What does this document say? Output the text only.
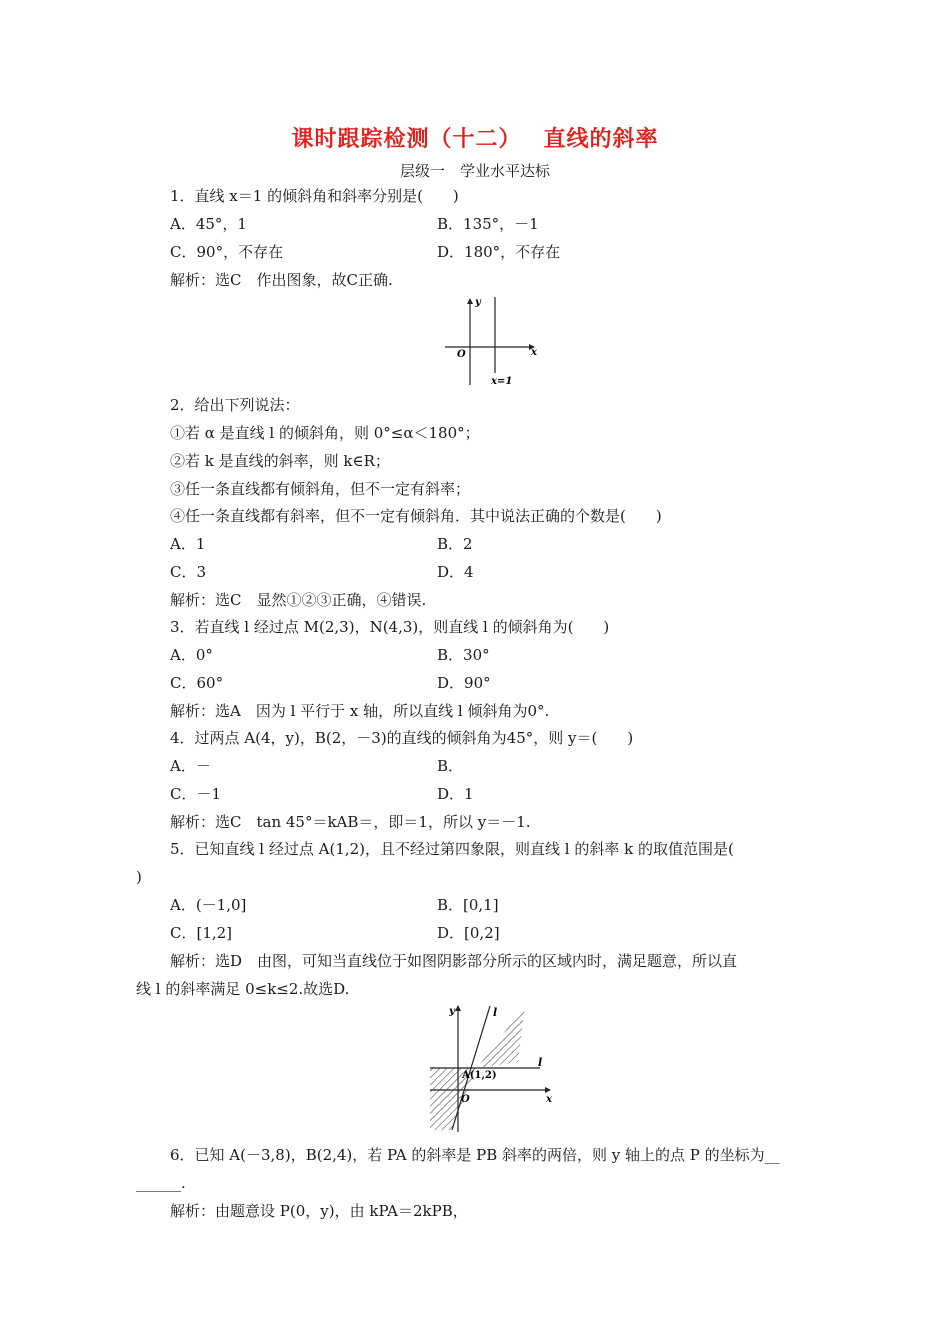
课时跟踪检测（十二） 直线的斜率
层级一　学业水平达标
1．直线 x＝1 的倾斜角和斜率分别是(　　)
A．45°，1	B．135°，－1
C．90°，不存在	D．180°，不存在
解析：选C　作出图象，故C正确.
y
x
O
x=1
2．给出下列说法：
①若 α 是直线 l 的倾斜角，则 0°≤α＜180°；
②若 k 是直线的斜率，则 k∈R；
③任一条直线都有倾斜角，但不一定有斜率；
④任一条直线都有斜率，但不一定有倾斜角．其中说法正确的个数是(　　)
A．1	B．2
C．3	D．4
解析：选C　显然①②③正确，④错误.
3．若直线 l 经过点 M(2,3)，N(4,3)，则直线 l 的倾斜角为(　　)
A．0°	B．30°
C．60°	D．90°
解析：选A　因为 l 平行于 x 轴，所以直线 l 倾斜角为0°.
4．过两点 A(4，y)，B(2，－3)的直线的倾斜角为45°，则 y＝(　　)
A．－	B．
C．－1	D．1
解析：选C　tan 45°＝kAB＝，即＝1，所以 y＝－1.
5．已知直线 l 经过点 A(1,2)，且不经过第四象限，则直线 l 的斜率 k 的取值范围是(
)
A．(－1,0]	B．[0,1]
C．[1,2]	D．[0,2]
解析：选D　由图，可知当直线位于如图阴影部分所示的区域内时，满足题意，所以直
线 l 的斜率满足 0≤k≤2.故选D.
y
x
O
l
l
A(1,2)
6．已知 A(－3,8)，B(2,4)，若 PA 的斜率是 PB 斜率的两倍，则 y 轴上的点 P 的坐标为__
______.
解析：由题意设 P(0，y)，由 kPA＝2kPB，
